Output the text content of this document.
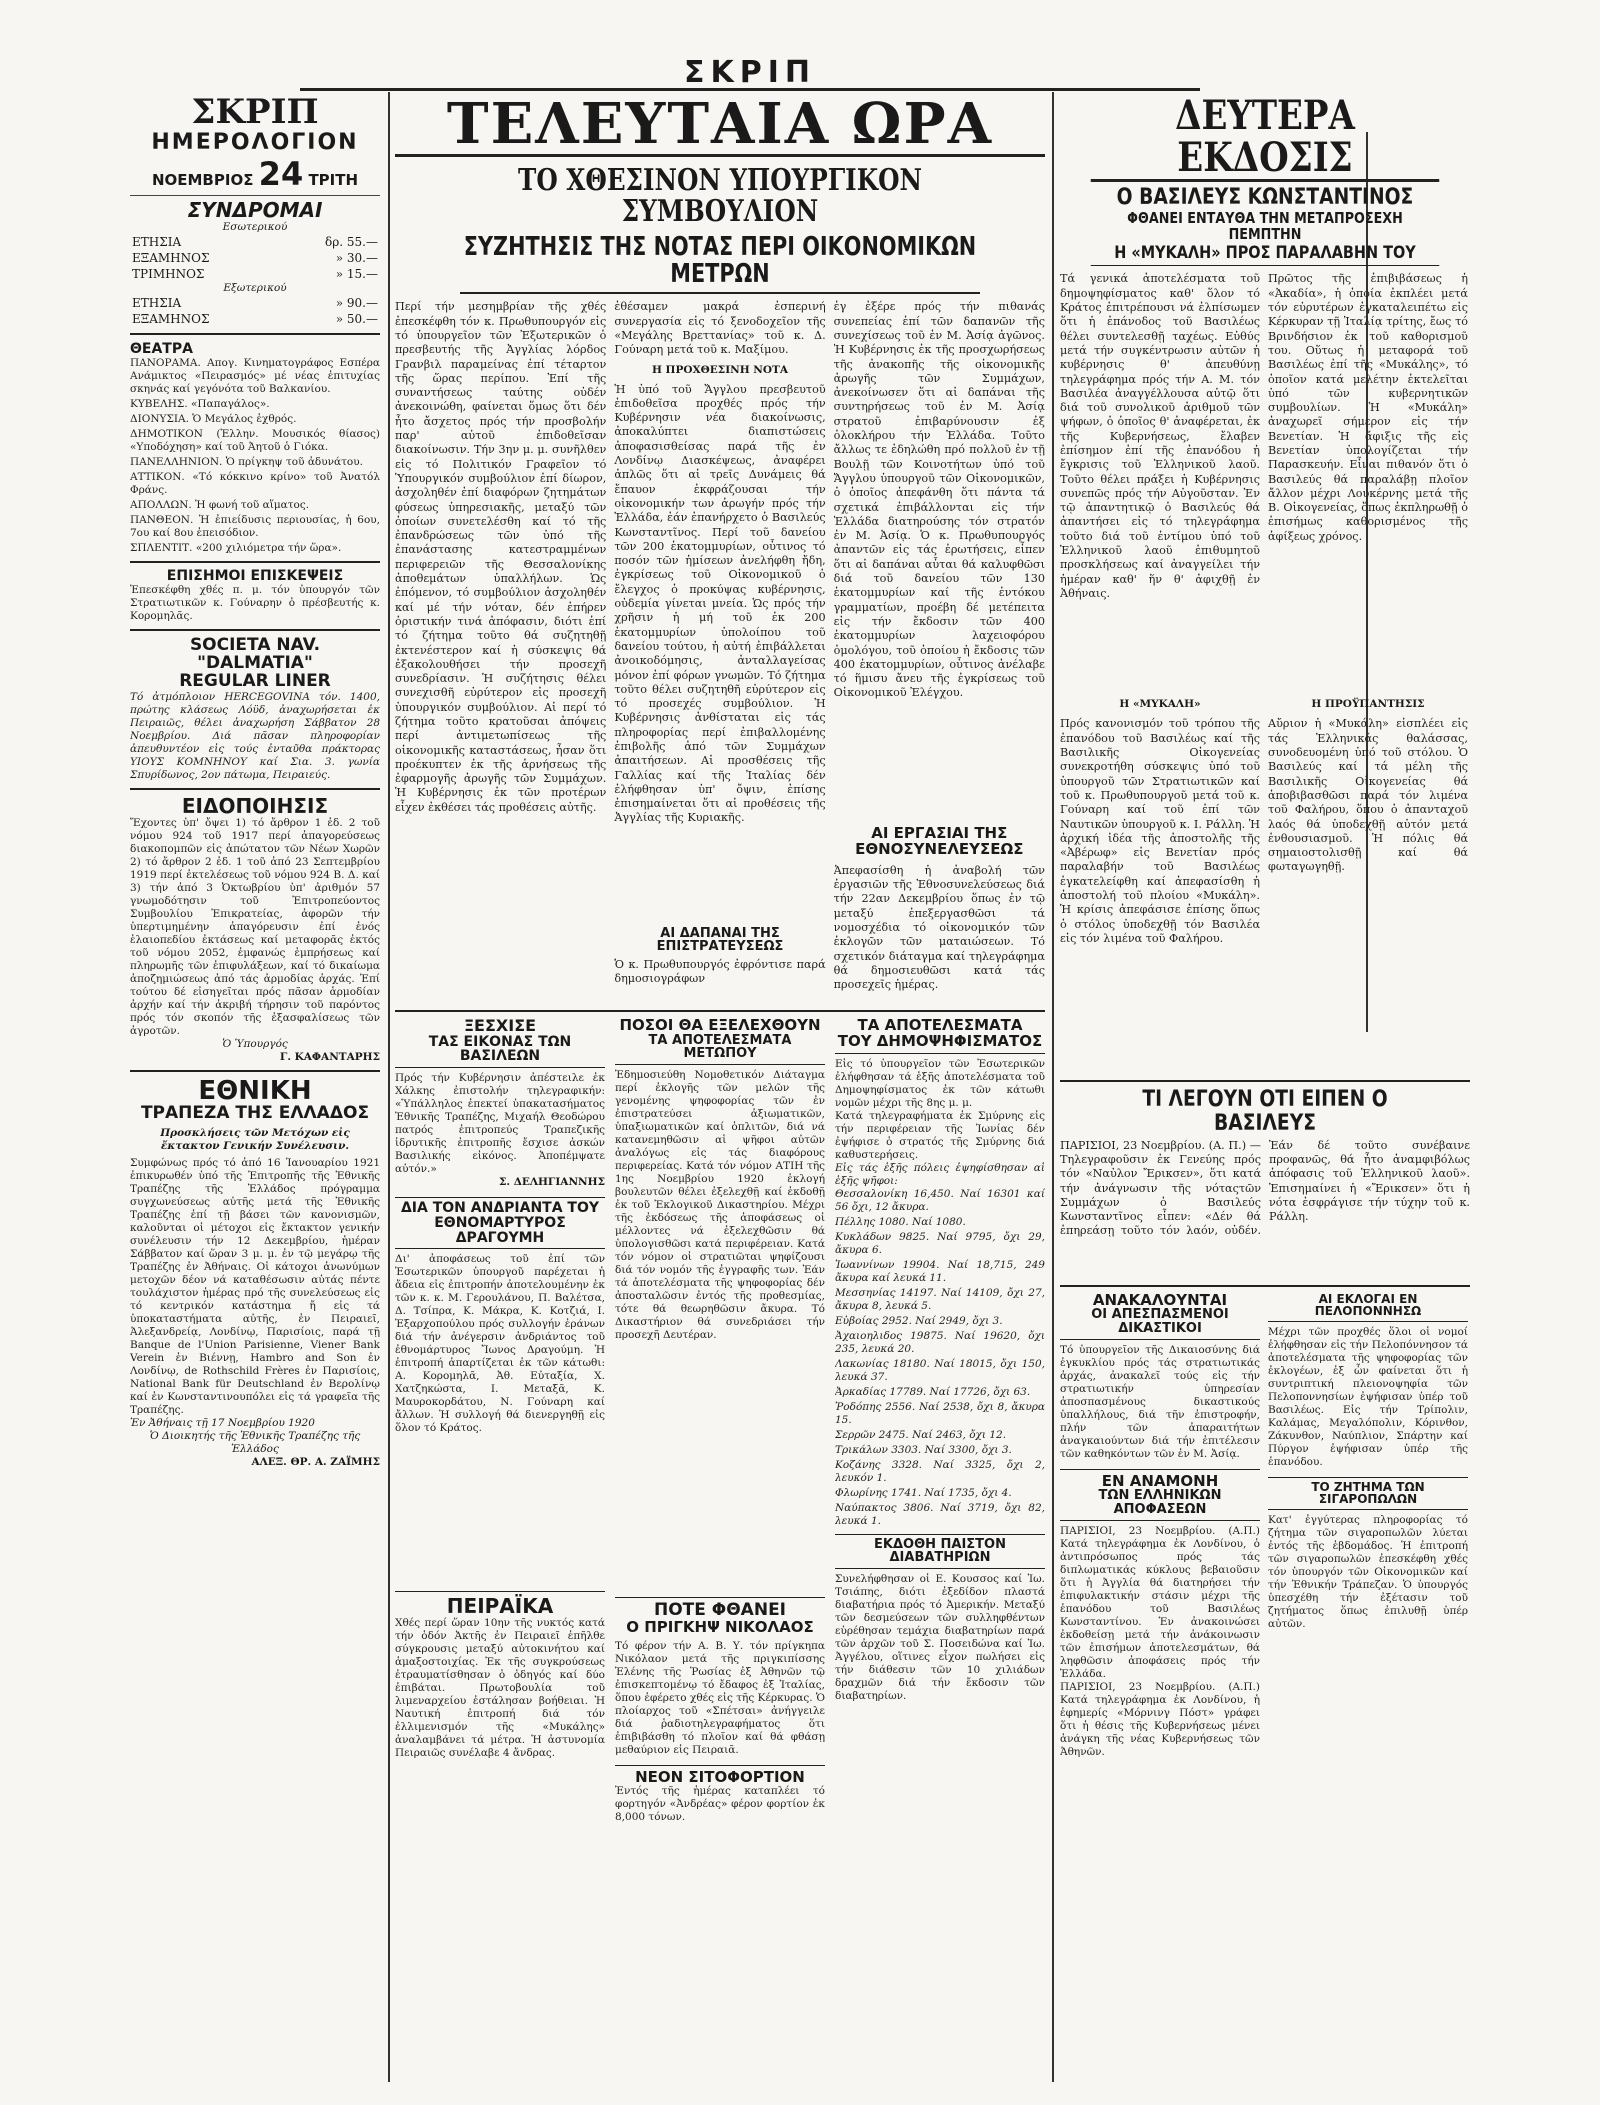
ΣΚΡΙΠ
ΣΚΡΙΠ
ΗΜΕΡΟΛΟΓΙΟΝ
ΝΟΕΜΒΡΙΟΣ 24 ΤΡΙΤΗ
ΣΥΝΔΡΟΜΑΙ
Εσωτερικού
ΕΤΗΣΙΑ	δρ. 55.—
ΕΞΑΜΗΝΟΣ	» 30.—
ΤΡΙΜΗΝΟΣ	» 15.—
Εξωτερικού
ΕΤΗΣΙΑ	» 90.—
ΕΞΑΜΗΝΟΣ	» 50.—
ΘΕΑΤΡΑ
ΠΑΝΟΡΑΜΑ. Απογ. Κινηματογράφος Εσπέρα Ανάμικτος «Πειρασμός» μέ νέας ἐπιτυχίας σκηνάς καί γεγόνότα τοῦ Βαλκανίου.
ΚΥΒΕΛΗΣ. «Παπαγάλος».
ΔΙΟΝΥΣΙΑ. Ὁ Μεγάλος ἐχθρός.
ΔΗΜΟΤΙΚΟΝ (Ἑλλην. Μουσικός θίασος) «Υποδόχηση» καί τοῦ Ἀητοῦ ὁ Γιόκα.
ΠΑΝΕΛΛΗΝΙΟΝ. Ὁ πρίγκηψ τοῦ ἀδυνάτου.
ΑΤΤΙΚΟΝ. «Τό κόκκινο κρίνο» τοῦ Ἀνατόλ Φράνς.
ΑΠΟΛΛΩΝ. Ἡ φωνή τοῦ αἵματος.
ΠΑΝΘΕΟΝ. Ἡ ἐπιείδυσις περιουσίας, ἡ 6ου, 7ου καί 8ου ἐπεισόδιον.
ΣΠΛΕΝΤΙΤ. «200 χιλιόμετρα τήν ὥρα».
ΕΠΙΣΗΜΟΙ ΕΠΙΣΚΕΨΕΙΣ
Ἐπεσκέφθη χθές π. μ. τόν ὑπουργόν τῶν Στρατιωτικῶν κ. Γούναρην ὁ πρέσβευτής κ. Κορομηλᾶς.
SOCIETA NAV. "DALMATIA"
REGULAR LINER
Τό ἀτμόπλοιον HERCEGOVINA τόν. 1400, πρώτης κλάσεως Λόϋδ, ἀναχωρήσεται ἐκ Πειραιῶς, θέλει ἀναχωρήση Σάββατον 28 Νοεμβρίου. Διά πᾶσαν πληροφορίαν ἀπευθυντέον εἰς τούς ἐνταῦθα πράκτορας ΥΙΟΥΣ ΚΟΜΝΗΝΟΥ καί Σια. 3. γωνία Σπυρίδωνος, 2ον πάτωμα, Πειραιεύς.
ΕΙΔΟΠΟΙΗΣΙΣ
Ἔχοντες ὑπ' ὄψει 1) τό ἄρθρον 1 ἐδ. 2 τοῦ νόμου 924 τοῦ 1917 περί ἀπαγορεύσεως διακοπομπῶν εἰς ἀπώτατον τῶν Νέων Χωρῶν 2) τό ἄρθρον 2 ἐδ. 1 τοῦ ἀπό 23 Σεπτεμβρίου 1919 περί ἐκτελέσεως τοῦ νόμου 924 Β. Δ. καί 3) τήν ἀπό 3 Ὀκτωβρίου ὑπ' ἀριθμόν 57 γνωμοδότησιν τοῦ Ἐπιτροπεύοντος Συμβουλίου Ἐπικρατείας, ἀφορῶν τήν ὑπερτιμημένην ἀπαγόρευσιν ἐπί ἐνός ἑλαιοπεδίου ἐκτάσεως καί μεταφορᾶς ἐκτός τοῦ νόμου 2052, ἐμφανώς ἐμπρήσεως καί πληρωμῆς τῶν ἐπιφυλάξεων, καί τό δικαίωμα ἀποζημιώσεως ἀπό τάς ἀρμοδίας ἀρχάς. Ἐπί τούτου δέ εἰσηγεῖται πρός πᾶσαν ἁρμοδίαν ἀρχήν καί τήν ἀκριβή τήρησιν τοῦ παρόντος πρός τόν σκοπόν τῆς ἐξασφαλίσεως τῶν ἀγροτῶν.
Ὁ Ὑπουργός
Γ. ΚΑΦΑΝΤΑΡΗΣ
ΕΘΝΙΚΗ
ΤΡΑΠΕΖΑ ΤΗΣ ΕΛΛΑΔΟΣ
Προσκλήσεις τῶν Μετόχων εἰς ἔκτακτον Γενικήν Συνέλευσιν.
Συμφώνως πρός τό ἀπό 16 Ἰανουαρίου 1921 ἐπικυρωθέν ὑπό τῆς Ἐπιτροπῆς τῆς Ἐθνικῆς Τραπέζης τῆς Ἑλλάδος πρόγραμμα συγχωνεύσεως αὐτῆς μετά τῆς Ἐθνικῆς Τραπέζης ἐπί τῇ βάσει τῶν κανονισμῶν, καλοῦνται οἱ μέτοχοι εἰς ἔκτακτον γενικήν συνέλευσιν τήν 12 Δεκεμβρίου, ἡμέραν Σάββατον καί ὥραν 3 μ. μ. ἐν τῷ μεγάρῳ τῆς Τραπέζης ἐν Ἀθήναις. Οἱ κάτοχοι ἀνωνύμων μετοχῶν δέον νά καταθέσωσιν αὐτάς πέντε τουλάχιστον ἡμέρας πρό τῆς συνελεύσεως εἰς τό κεντρικόν κατάστημα ἤ εἰς τά ὑποκαταστήματα αὐτῆς, ἐν Πειραιεῖ, Ἀλεξανδρείᾳ, Λονδίνῳ, Παρισίοις, παρά τῇ Banque de l'Union Parisienne, Viener Bank Verein ἐν Βιέννῃ, Hambro and Son ἐν Λονδίνῳ, de Rothschild Frères ἐν Παρισίοις, National Bank für Deutschland ἐν Βερολίνῳ καί ἐν Κωνσταντινουπόλει εἰς τά γραφεῖα τῆς Τραπέζης.
Ἐν Ἀθήναις τῇ 17 Νοεμβρίου 1920
Ὁ Διοικητής τῆς Ἐθνικῆς Τραπέζης τῆς Ἑλλάδος
ΑΛΕΞ. ΘΡ. Α. ΖΑΪΜΗΣ
ΤΕΛΕΥΤΑΙΑ ΩΡΑ
ΤΟ ΧΘΕΣΙΝΟΝ ΥΠΟΥΡΓΙΚΟΝ ΣΥΜΒΟΥΛΙΟΝ
ΣΥΖΗΤΗΣΙΣ ΤΗΣ ΝΟΤΑΣ ΠΕΡΙ ΟΙΚΟΝΟΜΙΚΩΝ ΜΕΤΡΩΝ
Περί τήν μεσημβρίαν τῆς χθές ἐπεσκέφθη τόν κ. Πρωθυπουργόν εἰς τό ὑπουργεῖον τῶν Ἐξωτερικῶν ὁ πρεσβευτής τῆς Ἀγγλίας λόρδος Γρανβιλ παραμείνας ἐπί τέταρτον τῆς ὥρας περίπου. Ἐπί τῆς συναντήσεως ταύτης οὐδέν ἀνεκοινώθη, φαίνεται ὅμως ὅτι δέν ἦτο ἄσχετος πρός τήν προσβολήν παρ' αὐτοῦ ἐπιδοθεῖσαν διακοίνωσιν. Τήν 3ην μ. μ. συνῆλθεν εἰς τό Πολιτικόν Γραφεῖον τό Ὑπουργικόν συμβούλιον ἐπί δίωρον, ἀσχοληθέν ἐπί διαφόρων ζητημάτων φύσεως ὑπηρεσιακῆς, μεταξύ τῶν ὁποίων συνετελέσθη καί τό τῆς ἐπανδρώσεως τῶν ὑπό τῆς ἐπανάστασης κατεστραμμένων περιφερειῶν τῆς Θεσσαλονίκης ἀποθεμάτων ὑπαλλήλων. Ὡς ἐπόμενον, τό συμβούλιον ἀσχοληθέν καί μέ τήν νόταν, δέν ἐπήρεν ὁριστικήν τινά ἀπόφασιν, διότι ἐπί τό ζήτημα τοῦτο θά συζητηθῇ ἐκτενέστερον καί ἡ σύσκεψις θά ἐξακολουθήσει τήν προσεχῆ συνεδρίασιν. Ἡ συζήτησις θέλει συνεχισθῆ εὐρύτερον εἰς προσεχῆ ὑπουργικόν συμβούλιον. Αἱ περί τό ζήτημα τοῦτο κρατοῦσαι ἀπόψεις περί ἀντιμετωπίσεως τῆς οἰκονομικῆς καταστάσεως, ἦσαν ὅτι προέκυπτεν ἐκ τῆς ἀρνήσεως τῆς ἐφαρμογῆς ἀρωγῆς τῶν Συμμάχων. Ἡ Κυβέρνησις ἐκ τῶν προτέρων εἶχεν ἐκθέσει τάς προθέσεις αὐτῆς.
ἐθέσαμεν μακρά ἑσπερινή συνεργασία εἰς τό ξενοδοχεῖον τῆς «Μεγάλης Βρεττανίας» τοῦ κ. Δ. Γούναρη μετά τοῦ κ. Μαξίμου.
Η ΠΡΟΧΘΕΣΙΝΗ ΝΟΤΑ
Ἡ ὑπό τοῦ Ἄγγλου πρεσβευτοῦ ἐπιδοθεῖσα προχθές πρός τήν Κυβέρνησιν νέα διακοίνωσις, ἀποκαλύπτει διαπιστώσεις ἀποφασισθείσας παρά τῆς ἐν Λονδίνῳ Διασκέψεως, ἀναφέρει ἁπλῶς ὅτι αἱ τρεῖς Δυνάμεις θά ἔπαυον ἐκφράζουσαι τήν οἰκονομικήν των ἀρωγήν πρός τήν Ἑλλάδα, ἐάν ἐπανήρχετο ὁ Βασιλεύς Κωνσταντῖνος. Περί τοῦ δανείου τῶν 200 ἑκατομμυρίων, οὗτινος τό ποσόν τῶν ἡμίσεων ἀνελήφθη ἤδη, ἐγκρίσεως τοῦ Οἰκονομικοῦ ὁ ἔλεγχος ὁ προκύψας κυβέρνησις, οὐδεμία γίνεται μνεία. Ὡς πρός τήν χρῆσιν ἡ μή τοῦ ἐκ 200 ἑκατομμυρίων ὑπολοίπου τοῦ δανείου τούτου, ἡ αὐτή ἐπιβάλλεται ἀνοικοδόμησις, ἀνταλλαγείσας μόνον ἐπί φόρων γνωμῶν. Τό ζήτημα τοῦτο θέλει συζητηθῆ εὐρύτερον εἰς τό προσεχές συμβούλιον. Ἡ Κυβέρνησις ἀνθίσταται εἰς τάς πληροφορίας περί ἐπιβαλλομένης ἐπιβολῆς ἀπό τῶν Συμμάχων ἀπαιτήσεων. Αἱ προσθέσεις τῆς Γαλλίας καί τῆς Ἰταλίας δέν ἐλήφθησαν ὑπ' ὄψιν, ἐπίσης ἐπισημαίνεται ὅτι αἱ προθέσεις τῆς Ἀγγλίας τῆς Κυριακῆς.
ΑΙ ΔΑΠΑΝΑΙ ΤΗΣ ΕΠΙΣΤΡΑΤΕΥΣΕΩΣ
Ὁ κ. Πρωθυπουργός ἐφρόντισε παρά δημοσιογράφων
ἐγ ἐξέρε πρός τήν πιθανάς συνεπείας ἐπί τῶν δαπανῶν τῆς συνεχίσεως τοῦ ἐν Μ. Ἀσίᾳ ἀγῶνος. Ἡ Κυβέρνησις ἐκ τῆς προσχωρήσεως τῆς ἀνακοπῆς τῆς οἰκονομικῆς ἀρωγῆς τῶν Συμμάχων, ἀνεκοίνωσεν ὅτι αἱ δαπάναι τῆς συντηρήσεως τοῦ ἐν Μ. Ἀσίᾳ στρατοῦ ἐπιβαρύνουσιν ἐξ ὁλοκλήρου τήν Ἑλλάδα. Τοῦτο ἄλλως τε ἐδηλώθη πρό πολλοῦ ἐν τῇ Βουλῇ τῶν Κοινοτήτων ὑπό τοῦ Ἄγγλου ὑπουργοῦ τῶν Οἰκονομικῶν, ὁ ὁποῖος ἀπεφάνθη ὅτι πάντα τά σχετικά ἐπιβάλλονται εἰς τήν Ἑλλάδα διατηρούσης τόν στρατόν ἐν Μ. Ἀσίᾳ. Ὁ κ. Πρωθυπουργός ἀπαντῶν εἰς τάς ἐρωτήσεις, εἶπεν ὅτι αἱ δαπάναι αὗται θά καλυφθῶσι διά τοῦ δανείου τῶν 130 ἑκατομμυρίων καί τῆς ἐντόκου γραμματίων, προέβη δέ μετέπειτα εἰς τήν ἔκδοσιν τῶν 400 ἑκατομμυρίων λαχειοφόρου ὁμολόγου, τοῦ ὁποίου ἡ ἔκδοσις τῶν 400 ἑκατομμυρίων, οὗτινος ἀνέλαβε τό ἥμισυ ἄνευ τῆς ἐγκρίσεως τοῦ Οἰκονομικοῦ Ἐλέγχου.
ΑΙ ΕΡΓΑΣΙΑΙ ΤΗΣ ΕΘΝΟΣΥΝΕΛΕΥΣΕΩΣ
Ἀπεφασίσθη ἡ ἀναβολή τῶν ἐργασιῶν τῆς Ἐθνοσυνελεύσεως διά τήν 22αν Δεκεμβρίου ὅπως ἐν τῷ μεταξύ ἐπεξεργασθῶσι τά νομοσχέδια τό οἰκονομικόν τῶν ἐκλογῶν τῶν ματαιώσεων. Τό σχετικόν διάταγμα καί τηλεγράφημα θά δημοσιευθῶσι κατά τάς προσεχεῖς ἡμέρας.
ΞΕΣΧΙΣΕ
ΤΑΣ ΕΙΚΟΝΑΣ ΤΩΝ ΒΑΣΙΛΕΩΝ
Πρός τήν Κυβέρνησιν ἀπέστειλε ἐκ Χάλκης ἐπιστολήν τηλεγραφικήν: «Ὑπάλληλος ἐπεκτεί ὑπακατασήματος Ἐθνικῆς Τραπέζης, Μιχαήλ Θεοδώρου πατρός ἐπιτροπεύς Τραπεζικῆς ἰδρυτικῆς ἐπιτροπῆς ἔσχισε ἀσκών Βασιλικής εἰκόνος. Ἀποπέμψατε αὐτόν.»
Σ. ΔΕΛΗΓΙΑΝΝΗΣ
ΔΙΑ ΤΟΝ ΑΝΔΡΙΑΝΤΑ ΤΟΥ ΕΘΝΟΜΑΡΤΥΡΟΣ ΔΡΑΓΟΥΜΗ
Δι' ἀποφάσεως τοῦ ἐπί τῶν Ἐσωτερικῶν ὑπουργοῦ παρέχεται ἡ ἄδεια εἰς ἐπιτροπήν ἀποτελουμένην ἐκ τῶν κ. κ. Μ. Γερουλάνου, Π. Βαλέτσα, Δ. Τσίπρα, Κ. Μάκρα, Κ. Κοτζιά, Ι. Ἐξαρχοπούλου πρός συλλογήν ἐράνων διά τήν ἀνέγερσιν ἀνδριάντος τοῦ ἐθνομάρτυρος Ἴωνος Δραγούμη. Ἡ ἐπιτροπή ἀπαρτίζεται ἐκ τῶν κάτωθι: Α. Κορομηλᾶ, Ἀθ. Εὐταξία, Χ. Χατζηκώστα, Ι. Μεταξᾶ, Κ. Μαυροκορδάτου, Ν. Γούναρη καί ἄλλων. Ἡ συλλογή θά διενεργηθῇ εἰς ὅλον τό Κράτος.
ΠΕΙΡΑΪΚΑ
Χθές περί ὥραν 10ην τῆς νυκτός κατά τήν ὁδόν Ἀκτῆς ἐν Πειραιεῖ ἐπῆλθε σύγκρουσις μεταξύ αὐτοκινήτου καί ἁμαξοστοιχίας. Ἐκ τῆς συγκρούσεως ἐτραυματίσθησαν ὁ ὁδηγός καί δύο ἐπιβάται. Πρωτοβουλία τοῦ λιμεναρχείου ἐστάλησαν βοήθειαι. Ἡ Ναυτική ἐπιτροπή διά τόν ἐλλιμενισμόν τῆς «Μυκάλης» ἀναλαμβάνει τά μέτρα. Ἡ ἀστυνομία Πειραιῶς συνέλαβε 4 ἄνδρας.
ΠΟΣΟΙ ΘΑ ΕΞΕΛΕΧΘΟΥΝ
ΤΑ ΑΠΟΤΕΛΕΣΜΑΤΑ ΜΕΤΩΠΟΥ
Ἐδημοσιεύθη Νομοθετικόν Διάταγμα περί ἐκλογῆς τῶν μελῶν τῆς γενομένης ψηφοφορίας τῶν ἐν ἐπιστρατεύσει ἀξιωματικῶν, ὑπαξιωματικῶν καί ὁπλιτῶν, διά νά κατανεμηθῶσιν αἱ ψῆφοι αὐτῶν ἀναλόγως εἰς τάς διαφόρους περιφερείας. Κατά τόν νόμον ΑΤΙΗ τῆς 1ης Νοεμβρίου 1920 ἐκλογή βουλευτῶν θέλει ἐξελεχθῇ καί ἐκδοθῇ ἐκ τοῦ Ἐκλογικοῦ Δικαστηρίου. Μέχρι τῆς ἐκδόσεως τῆς ἀποφάσεως οἱ μέλλοντες νά ἐξελεχθῶσιν θά ὑπολογισθῶσι κατά περιφέρειαν. Κατά τόν νόμον οἱ στρατιῶται ψηφίζουσι διά τόν νομόν τῆς ἐγγραφῆς των. Ἐάν τά ἀποτελέσματα τῆς ψηφοφορίας δέν ἀποσταλῶσιν ἐντός τῆς προθεσμίας, τότε θά θεωρηθῶσιν ἄκυρα. Τό Δικαστήριον θά συνεδριάσει τήν προσεχῆ Δευτέραν.
ΠΟΤΕ ΦΘΑΝΕΙ
Ο ΠΡΙΓΚΗΨ ΝΙΚΟΛΑΟΣ
Τό φέρον τήν Α. Β. Υ. τόν πρίγκηπα Νικόλαον μετά τῆς πριγκιπίσσης Ἑλένης τῆς Ῥωσίας ἐξ Ἀθηνῶν τῷ ἐπισκεπτομένῳ τό ἔδαφος ἐξ Ἰταλίας, ὅπου ἐφέρετο χθές εἰς τῆς Κέρκυρας. Ὁ πλοίαρχος τοῦ «Σπέτσαι» ἀνήγγειλε διά ῥαδιοτηλεγραφήματος ὅτι ἐπιβιβάσθη τό πλοῖον καί θά φθάσῃ μεθαύριον εἰς Πειραιᾶ.
ΝΕΟΝ ΣΙΤΟΦΟΡΤΙΟΝ
Ἐντός τῆς ἡμέρας καταπλέει τό φορτηγόν «Ἀνδρέας» φέρον φορτίον ἐκ 8,000 τόνων.
ΤΑ ΑΠΟΤΕΛΕΣΜΑΤΑ
ΤΟΥ ΔΗΜΟΨΗΦΙΣΜΑΤΟΣ
Εἰς τό ὑπουργεῖον τῶν Ἐσωτερικῶν ἐλήφθησαν τά ἑξῆς ἀποτελέσματα τοῦ Δημοψηφίσματος ἐκ τῶν κάτωθι νομῶν μέχρι τῆς 8ης μ. μ.
Κατά τηλεγραφήματα ἐκ Σμύρνης εἰς τήν περιφέρειαν τῆς Ἰωνίας δέν ἐψήφισε ὁ στρατός τῆς Σμύρνης διά καθυστερήσεις.
Εἰς τάς ἑξῆς πόλεις ἐψηφίσθησαν αἱ ἑξῆς ψῆφοι:
Θεσσαλονίκη 16,450. Ναί 16301 καί 56 ὄχι, 12 ἄκυρα.
Πέλλης 1080. Ναί 1080.
Κυκλάδων 9825. Ναί 9795, ὄχι 29, ἄκυρα 6.
Ἰωαννίνων 19904. Ναί 18,715, 249 ἄκυρα καί λευκά 11.
Μεσσηνίας 14197. Ναί 14109, ὄχι 27, ἄκυρα 8, λευκά 5.
Εὐβοίας 2952. Ναί 2949, ὄχι 3.
Ἀχαιοηλιδος 19875. Ναί 19620, ὄχι 235, λευκά 20.
Λακωνίας 18180. Ναί 18015, ὄχι 150, λευκά 37.
Ἀρκαδίας 17789. Ναί 17726, ὄχι 63.
Ῥοδόπης 2556. Ναί 2538, ὄχι 8, ἄκυρα 15.
Σερρῶν 2475. Ναί 2463, ὄχι 12.
Τρικάλων 3303. Ναί 3300, ὄχι 3.
Κοζάνης 3328. Ναί 3325, ὄχι 2, λευκόν 1.
Φλωρίνης 1741. Ναί 1735, ὄχι 4.
Ναύπακτος 3806. Ναί 3719, ὄχι 82, λευκά 1.
ΕΚΔΟΘΗ ΠΑΙΣΤΟΝ ΔΙΑΒΑΤΗΡΙΩΝ
Συνελήφθησαν οἱ Ε. Κουσσος καί Ἰω. Τσιάπης, διότι ἐξεδίδον πλαστά διαβατήρια πρός τό Ἀμερικήν. Μεταξύ τῶν δεσμεύσεων τῶν συλληφθέντων εὑρέθησαν τεμάχια διαβατηρίων παρά τῶν ἀρχῶν τοῦ Σ. Ποσειδώνα καί Ἰω. Ἀγγέλου, οἵτινες εἶχον πωλήσει εἰς τήν διάθεσιν τῶν 10 χιλιάδων δραχμῶν διά τήν ἔκδοσιν τῶν διαβατηρίων.
ΔΕΥΤΕΡΑ ΕΚΔΟΣΙΣ
Ο ΒΑΣΙΛΕΥΣ ΚΩΝΣΤΑΝΤΙΝΟΣ
ΦΘΑΝΕΙ ΕΝΤΑΥΘΑ ΤΗΝ ΜΕΤΑΠΡΟΣΕΧΗ ΠΕΜΠΤΗΝ
Η «ΜΥΚΑΛΗ» ΠΡΟΣ ΠΑΡΑΛΑΒΗΝ ΤΟΥ
Τά γενικά ἀποτελέσματα τοῦ δημοψηφίσματος καθ' ὅλον τό Κράτος ἐπιτρέπουσι νά ἐλπίσωμεν ὅτι ἡ ἐπάνοδος τοῦ Βασιλέως θέλει συντελεσθῇ ταχέως. Εὐθύς μετά τήν συγκέντρωσιν αὐτῶν ἡ κυβέρνησις θ' ἀπευθύνῃ τηλεγράφημα πρός τήν Α. Μ. τόν Βασιλέα ἀναγγέλλουσα αὐτῷ ὅτι διά τοῦ συνολικοῦ ἀριθμοῦ τῶν ψήφων, ὁ ὁποῖος θ' ἀναφέρεται, ἐκ τῆς Κυβερνήσεως, ἔλαβεν ἐπίσημον ἐπί τῆς ἐπανόδου ἡ ἔγκρισις τοῦ Ἑλληνικοῦ λαοῦ. Τοῦτο θέλει πράξει ἡ Κυβέρνησις συνεπῶς πρός τήν Αὐγοῦσταν. Ἐν τῷ ἀπαντητικῷ ὁ Βασιλεύς θά ἀπαντήσει εἰς τό τηλεγράφημα τοῦτο διά τοῦ ἐντίμου ὑπό τοῦ Ἑλληνικοῦ λαοῦ ἐπιθυμητοῦ προσκλήσεως καί ἀναγγείλει τήν ἡμέραν καθ' ἥν θ' ἀφιχθῇ ἐν Ἀθήναις.
Η «ΜΥΚΑΛΗ»
Πρός κανονισμόν τοῦ τρόπου τῆς ἐπανόδου τοῦ Βασιλέως καί τῆς Βασιλικῆς Οἰκογενείας συνεκροτήθη σύσκεψις ὑπό τοῦ ὑπουργοῦ τῶν Στρατιωτικῶν καί τοῦ κ. Πρωθυπουργοῦ μετά τοῦ κ. Γούναρη καί τοῦ ἐπί τῶν Ναυτικῶν ὑπουργοῦ κ. Ι. Ράλλη. Ἡ ἀρχική ἰδέα τῆς ἀποστολῆς τῆς «Ἀβέρωφ» εἰς Βενετίαν πρός παραλαβήν τοῦ Βασιλέως ἐγκατελείφθη καί ἀπεφασίσθη ἡ ἀποστολή τοῦ πλοίου «Μυκάλη». Ἡ κρίσις ἀπεφάσισε ἐπίσης ὅπως ὁ στόλος ὑποδεχθῇ τόν Βασιλέα εἰς τόν λιμένα τοῦ Φαλήρου.
Πρῶτος τῆς ἐπιβιβάσεως ἡ «Ἀκαδία», ἡ ὁποία ἐκπλέει μετά τόν εὐρυτέρων ἐγκαταλειπέτω εἰς Κέρκυραν τῇ Ἰταλίᾳ τρίτης, ἔως τό Βρινδήσιον ἐκ τοῦ καθορισμοῦ του. Οὕτως ἡ μεταφορά τοῦ Βασιλέως ἐπί τῆς «Μυκάλης», τό ὁποῖον κατά μελέτην ἐκτελεῖται ὑπό τῶν κυβερνητικῶν συμβουλίων. Ἡ «Μυκάλη» ἀναχωρεῖ σήμερον εἰς τήν Βενετίαν. Ἡ ἄφιξις τῆς εἰς Βενετίαν ὑπολογίζεται τήν Παρασκευήν. Εἶναι πιθανόν ὅτι ὁ Βασιλεύς θά παραλάβῃ πλοῖον ἄλλον μέχρι Λουκέρνης μετά τῆς Β. Οἰκογενείας, ὅπως ἐκπληρωθῇ ὁ ἐπισήμως καθορισμένος τῆς ἀφίξεως χρόνος.
Η ΠΡΟΫΠΑΝΤΗΣΙΣ
Αὔριον ἡ «Μυκάλη» εἰσπλέει εἰς τάς Ἑλληνικάς θαλάσσας, συνοδευομένη ὑπό τοῦ στόλου. Ὁ Βασιλεύς καί τά μέλη τῆς Βασιλικῆς Οἰκογενείας θά ἀποβιβασθῶσι παρά τόν λιμένα τοῦ Φαλήρου, ὅπου ὁ ἀπανταχοῦ λαός θά ὑποδεχθῇ αὐτόν μετά ἐνθουσιασμοῦ. Ἡ πόλις θά σημαιοστολισθῇ καί θά φωταγωγηθῇ.
ΤΙ ΛΕΓΟΥΝ ΟΤΙ ΕΙΠΕΝ Ο ΒΑΣΙΛΕΥΣ
ΠΑΡΙΣΙΟΙ, 23 Νοεμβρίου. (Α. Π.) — Τηλεγραφοῦσιν ἐκ Γενεύης πρός τόν «Ναὐλον Ἔρικσεν», ὅτι κατά τήν ἀνάγνωσιν τῆς νόταςτῶν Συμμάχων ὁ Βασιλεύς Κωνσταντῖνος εἶπεν: «Δέν θά ἐπηρεάσῃ τοῦτο τόν λαόν, οὐδέν. Ἐάν δέ τοῦτο συνέβαινε προφανῶς, θά ἦτο ἀναμφιβόλως ἀπόφασις τοῦ Ἑλληνικοῦ λαοῦ». Ἐπισημαίνει ἡ «Ἔρικσεν» ὅτι ἡ νότα ἐσφράγισε τήν τύχην τοῦ κ. Ράλλη.
ΑΝΑΚΑΛΟΥΝΤΑΙ
ΟΙ ΑΠΕΣΠΑΣΜΕΝΟΙ ΔΙΚΑΣΤΙΚΟΙ
Τό ὑπουργεῖον τῆς Δικαιοσύνης διά ἐγκυκλίου πρός τάς στρατιωτικάς ἀρχάς, ἀνακαλεῖ τούς εἰς τήν στρατιωτικήν ὑπηρεσίαν ἀποσπασμένους δικαστικούς ὑπαλλήλους, διά τῆν ἐπιστροφήν, πλήν τῶν ἀπαραιτήτων ἀναγκαιούντων διά τήν ἐπιτέλεσιν τῶν καθηκόντων τῶν ἐν Μ. Ἀσίᾳ.
ΕΝ ΑΝΑΜΟΝΗ
ΤΩΝ ΕΛΛΗΝΙΚΩΝ ΑΠΟΦΑΣΕΩΝ
ΠΑΡΙΣΙΟΙ, 23 Νοεμβρίου. (Α.Π.) Κατά τηλεγράφημα ἐκ Λονδίνου, ὁ ἀντιπρόσωπος πρός τάς διπλωματικάς κύκλους βεβαιοῦσιν ὅτι ἡ Ἀγγλία θά διατηρήσει τήν ἐπιφυλακτικήν στάσιν μέχρι τῆς ἐπανόδου τοῦ Βασιλέως Κωνσταντίνου. Ἐν ἀνακοινώσει ἐκδοθείσῃ μετά τήν ἀνάκοινωσιν τῶν ἐπισήμων ἀποτελεσμάτων, θά ληφθῶσιν ἀποφάσεις πρός τήν Ἑλλάδα.
ΠΑΡΙΣΙΟΙ, 23 Νοεμβρίου. (Α.Π.) Κατά τηλεγράφημα ἐκ Λονδίνου, ἡ ἐφημερίς «Μόρνινγ Πόστ» γράφει ὅτι ἡ θέσις τῆς Κυβερνήσεως μένει ἀνάγκη τῆς νέας Κυβερνήσεως τῶν Ἀθηνῶν.
ΑΙ ΕΚΛΟΓΑΙ ΕΝ ΠΕΛΟΠΟΝΝΗΣΩ
Μέχρι τῶν προχθές ὅλοι οἱ νομοί ἐλήφθησαν εἰς τήν Πελοπόννησον τά ἀποτελέσματα τῆς ψηφοφορίας τῶν ἐκλογέων, ἐξ ὧν φαίνεται ὅτι ἡ συντριπτική πλειονοψηφία τῶν Πελοποννησίων ἐψήφισαν ὑπέρ τοῦ Βασιλέως. Εἰς τήν Τρίπολιν, Καλάμας, Μεγαλόπολιν, Κόρινθον, Ζάκυνθον, Ναύπλιον, Σπάρτην καί Πύργον ἐψήφισαν ὑπέρ τῆς ἐπανόδου.
ΤΟ ΖΗΤΗΜΑ ΤΩΝ ΣΙΓΑΡΟΠΩΛΩΝ
Κατ' ἐγγύτερας πληροφορίας τό ζήτημα τῶν σιγαροπωλῶν λύεται ἐντός τῆς ἑβδομάδος. Ἡ ἐπιτροπή τῶν σιγαροπωλῶν ἐπεσκέφθη χθές τόν ὑπουργόν τῶν Οἰκονομικῶν καί τήν Ἐθνικήν Τράπεζαν. Ὁ ὑπουργός ὑπεσχέθη τήν ἐξέτασιν τοῦ ζητήματος ὅπως ἐπιλυθῇ ὑπέρ αὐτῶν.
